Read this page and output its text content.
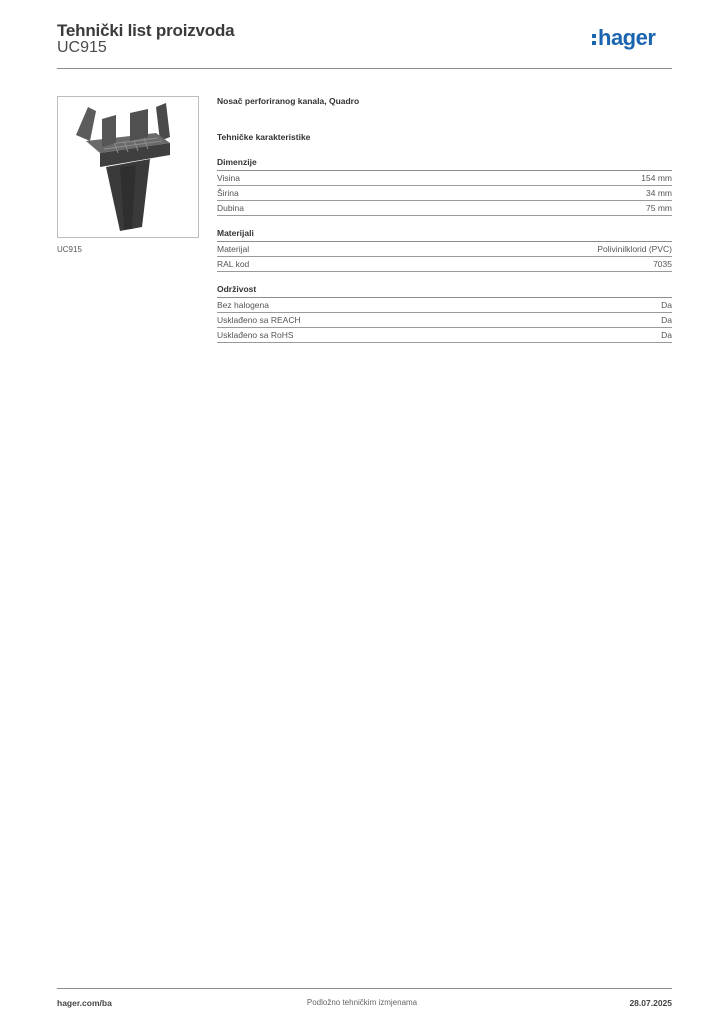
Tehnički list proizvoda
UC915	hager
UC915
Nosač perforiranog kanala, Quadro
Tehničke karakteristike
Dimenzije
Visina	154 mm
Širina	34 mm
Dubina	75 mm
Materijali
Materijal	Polivinilklorid (PVC)
RAL kod	7035
Održivost
Bez halogena	Da
Usklađeno sa REACH	Da
Usklađeno sa RoHS	Da
hager.com/ba	Podložno tehničkim izmjenama	28.07.2025
